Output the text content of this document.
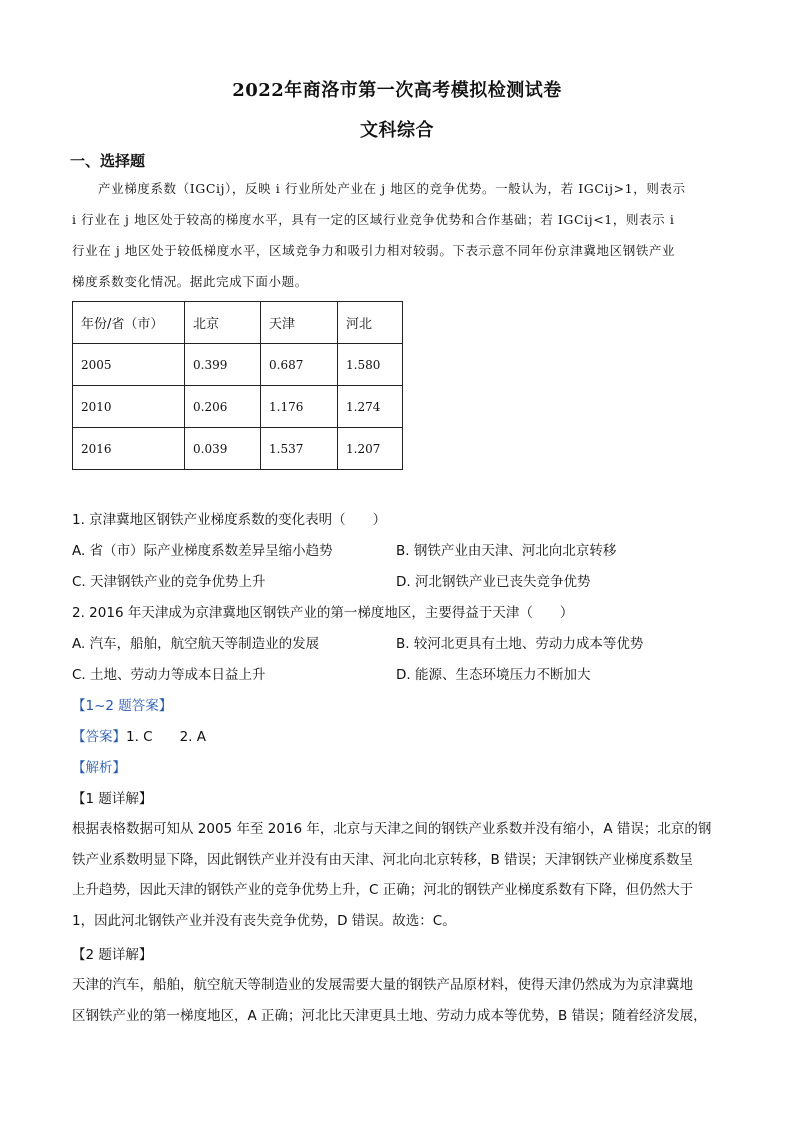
2022年商洛市第一次高考模拟检测试卷
文科综合
一、选择题

产业梯度系数（IGCij），反映 i 行业所处产业在 j 地区的竞争优势。一般认为，若 IGCij>1，则表示

i 行业在 j 地区处于较高的梯度水平，具有一定的区域行业竞争优势和合作基础；若 IGCij<1，则表示 i

行业在 j 地区处于较低梯度水平，区域竞争力和吸引力相对较弱。下表示意不同年份京津冀地区钢铁产业

梯度系数变化情况。据此完成下面小题。

年份/省（市）	北京	天津	河北
2005	0.399	0.687	1.580
2010	0.206	1.176	1.274
2016	0.039	1.537	1.207
1. 京津冀地区钢铁产业梯度系数的变化表明（　　）
A. 省（市）际产业梯度系数差异呈缩小趋势	B. 钢铁产业由天津、河北向北京转移
C. 天津钢铁产业的竞争优势上升	D. 河北钢铁产业已丧失竞争优势
2. 2016 年天津成为京津冀地区钢铁产业的第一梯度地区，主要得益于天津（　　）
A. 汽车，船舶，航空航天等制造业的发展	B. 较河北更具有土地、劳动力成本等优势
C. 土地、劳动力等成本日益上升	D. 能源、生态环境压力不断加大
【1~2 题答案】
【答案】1. C　　2. A
【解析】
【1 题详解】

根据表格数据可知从 2005 年至 2016 年，北京与天津之间的钢铁产业系数并没有缩小，A 错误；北京的钢

铁产业系数明显下降，因此钢铁产业并没有由天津、河北向北京转移，B 错误；天津钢铁产业梯度系数呈

上升趋势，因此天津的钢铁产业的竞争优势上升，C 正确；河北的钢铁产业梯度系数有下降，但仍然大于

1，因此河北钢铁产业并没有丧失竞争优势，D 错误。故选：C。

【2 题详解】

天津的汽车，船舶，航空航天等制造业的发展需要大量的钢铁产品原材料，使得天津仍然成为为京津冀地

区钢铁产业的第一梯度地区，A 正确；河北比天津更具土地、劳动力成本等优势，B 错误；随着经济发展，
